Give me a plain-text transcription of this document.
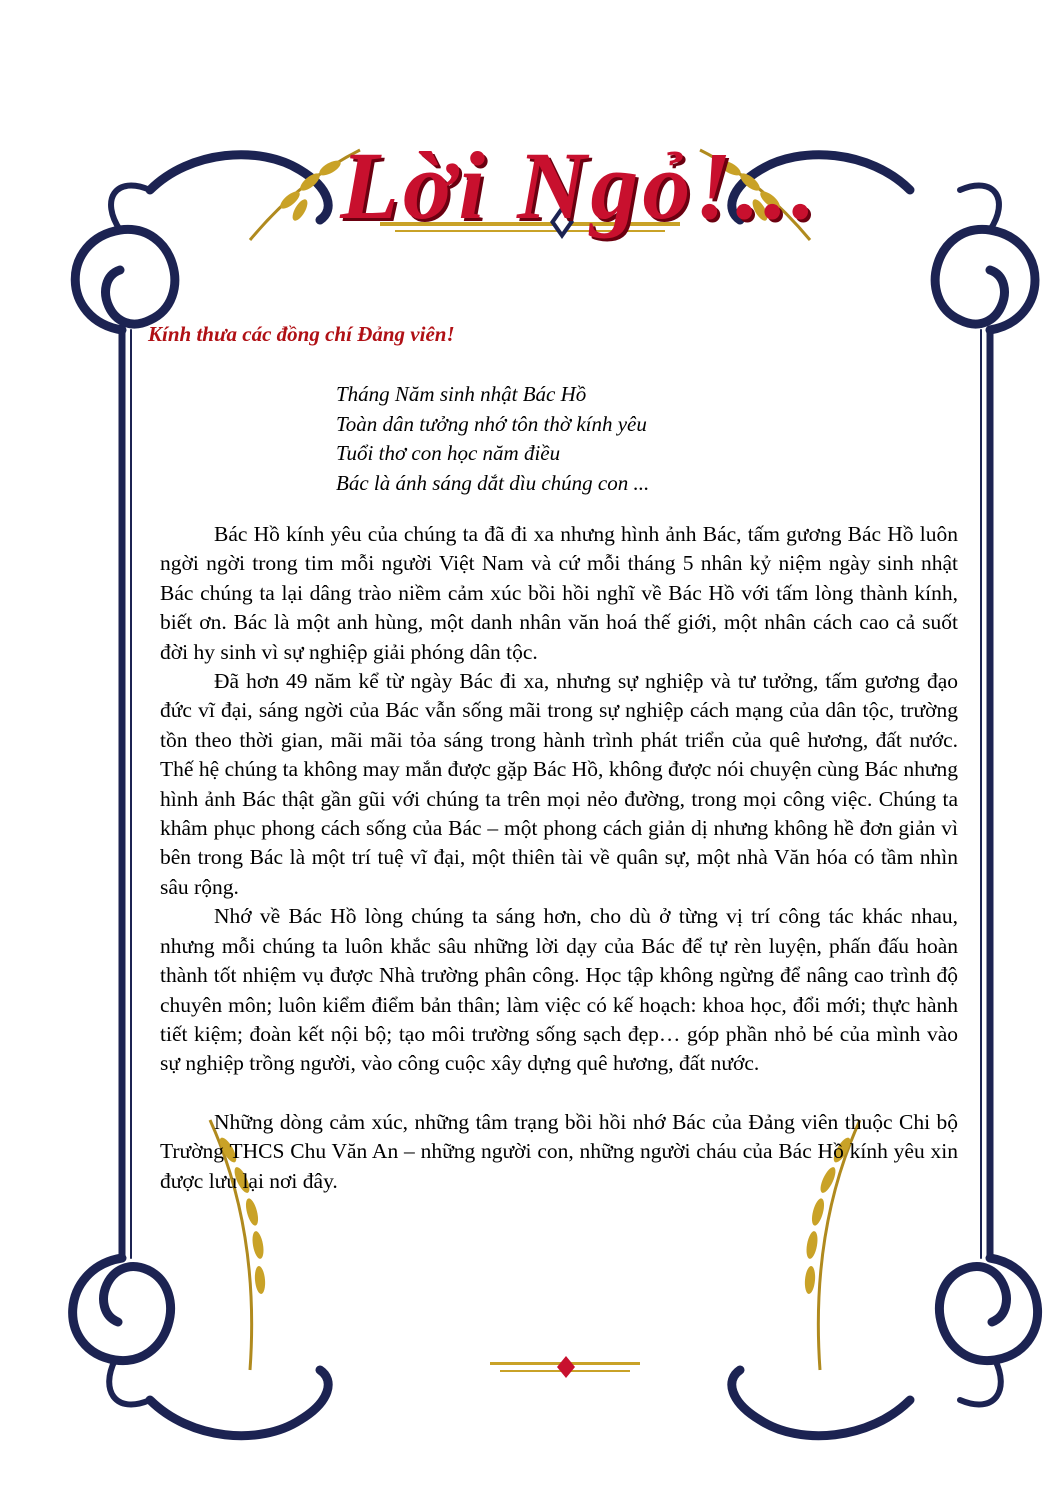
Lời Ngỏ!...
Kính thưa các đồng chí Đảng viên!
Tháng Năm sinh nhật Bác Hồ
Toàn dân tưởng nhớ tôn thờ kính yêu
Tuổi thơ con học năm điều
Bác là ánh sáng dắt dìu chúng con ...

Bác Hồ kính yêu của chúng ta đã đi xa nhưng hình ảnh Bác, tấm gương Bác Hồ luôn ngời ngời trong tim mỗi người Việt Nam và cứ mỗi tháng 5 nhân kỷ niệm ngày sinh nhật Bác chúng ta lại dâng trào niềm cảm xúc bồi hồi nghĩ về Bác Hồ với tấm lòng thành kính, biết ơn. Bác là một anh hùng, một danh nhân văn hoá thế giới, một nhân cách cao cả suốt đời hy sinh vì sự nghiệp giải phóng dân tộc.

Đã hơn 49 năm kể từ ngày Bác đi xa, nhưng sự nghiệp và tư tưởng, tấm gương đạo đức vĩ đại, sáng ngời của Bác vẫn sống mãi trong sự nghiệp cách mạng của dân tộc, trường tồn theo thời gian, mãi mãi tỏa sáng trong hành trình phát triển của quê hương, đất nước. Thế hệ chúng ta không may mắn được gặp Bác Hồ, không được nói chuyện cùng Bác nhưng hình ảnh Bác thật gần gũi với chúng ta trên mọi nẻo đường, trong mọi công việc. Chúng ta khâm phục phong cách sống của Bác – một phong cách giản dị nhưng không hề đơn giản vì bên trong Bác là một trí tuệ vĩ đại, một thiên tài về quân sự, một nhà Văn hóa có tầm nhìn sâu rộng.

Nhớ về Bác Hồ lòng chúng ta sáng hơn, cho dù ở từng vị trí công tác khác nhau, nhưng mỗi chúng ta luôn khắc sâu những lời dạy của Bác để tự rèn luyện, phấn đấu hoàn thành tốt nhiệm vụ được Nhà trường phân công. Học tập không ngừng để nâng cao trình độ chuyên môn; luôn kiểm điểm bản thân; làm việc có kế hoạch: khoa học, đổi mới; thực hành tiết kiệm; đoàn kết nội bộ; tạo môi trường sống sạch đẹp… góp phần nhỏ bé của mình vào sự nghiệp trồng người, vào công cuộc xây dựng quê hương, đất nước.

Những dòng cảm xúc, những tâm trạng bồi hồi nhớ Bác của Đảng viên thuộc Chi bộ Trường THCS Chu Văn An – những người con, những người cháu của Bác Hồ kính yêu xin được lưu lại nơi đây.
